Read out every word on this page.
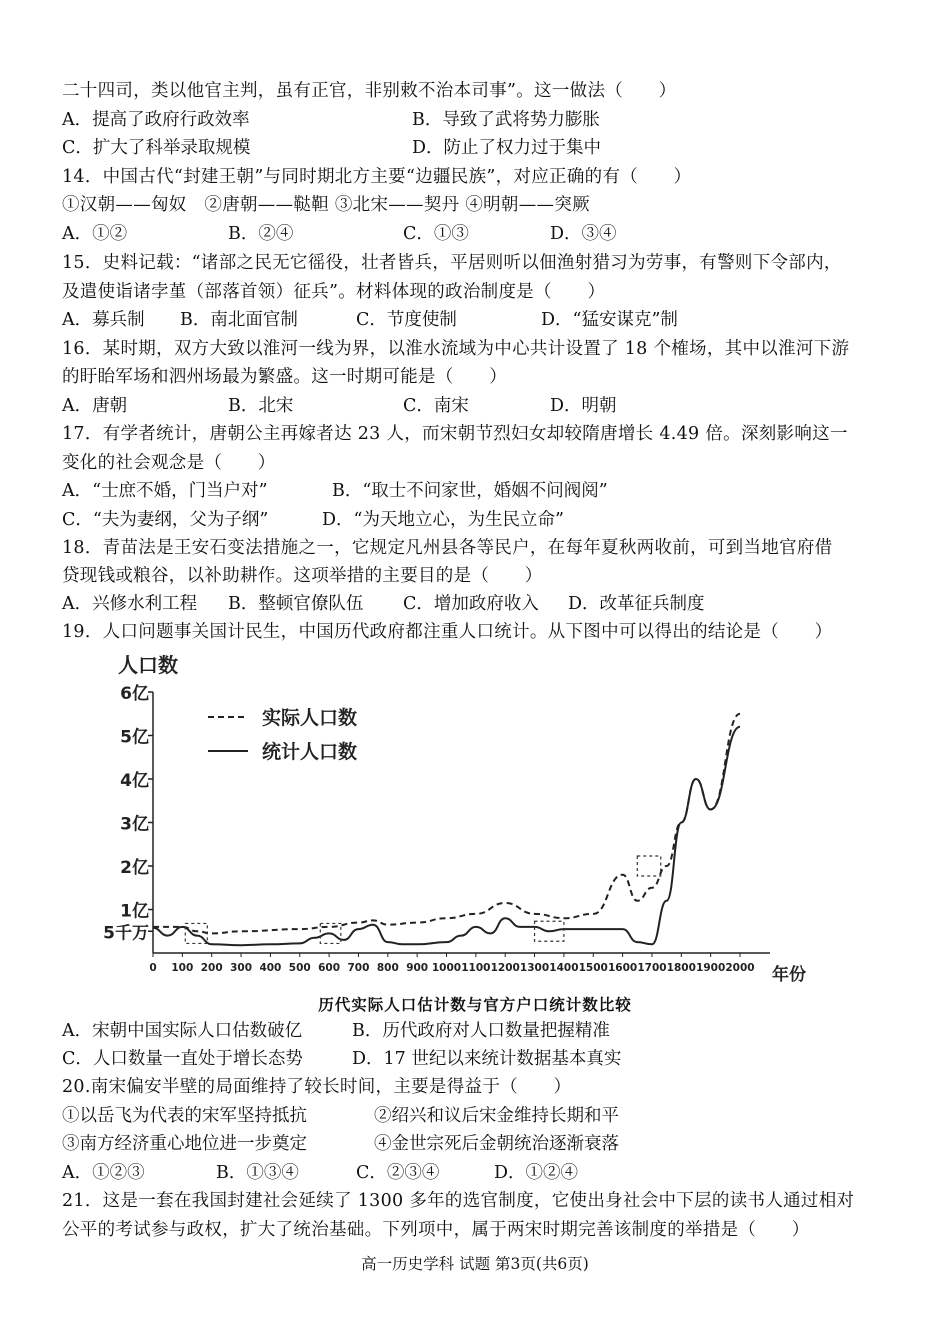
二十四司，类以他官主判，虽有正官，非别敕不治本司事”。这一做法（　　）
A．提高了政府行政效率	B．导致了武将势力膨胀
C．扩大了科举录取规模	D．防止了权力过于集中
14．中国古代“封建王朝”与同时期北方主要“边疆民族”，对应正确的有（　　）
①汉朝——匈奴　②唐朝——鞑靼 ③北宋——契丹 ④明朝——突厥
A．①②	B．②④	C．①③	D．③④
15．史料记载：“诸部之民无它徭役，壮者皆兵，平居则听以佃渔射猎习为劳事，有警则下令部内，
及遣使诣诸孛堇（部落首领）征兵”。材料体现的政治制度是（　　）
A．募兵制 B．南北面官制	C．节度使制	D．“猛安谋克”制
16．某时期，双方大致以淮河一线为界，以淮水流域为中心共计设置了 18 个榷场，其中以淮河下游
的盱眙军场和泗州场最为繁盛。这一时期可能是（　　）
A．唐朝	B．北宋	C．南宋	D．明朝
17．有学者统计，唐朝公主再嫁者达 23 人，而宋朝节烈妇女却较隋唐增长 4.49 倍。深刻影响这一
变化的社会观念是（　　）
A．“士庶不婚，门当户对”	B．“取士不问家世，婚姻不问阀阅”
C．“夫为妻纲，父为子纲”	D．“为天地立心，为生民立命”
18．青苗法是王安石变法措施之一，它规定凡州县各等民户，在每年夏秋两收前，可到当地官府借
贷现钱或粮谷，以补助耕作。这项举措的主要目的是（　　）
A．兴修水利工程 B．整顿官僚队伍 C．增加政府收入 D．改革征兵制度
19．人口问题事关国计民生，中国历代政府都注重人口统计。从下图中可以得出的结论是（　　）
人口数
年份
5千万
1亿
2亿
3亿
4亿
5亿
6亿
0 100 200 300 400 500 600 700 800 900 1000 1100 1200 1300 1400 1500 1600 1700 1800 1900 2000
实际人口数
统计人口数
历代实际人口估计数与官方户口统计数比较
A．宋朝中国实际人口估数破亿	B．历代政府对人口数量把握精准
C．人口数量一直处于增长态势	D．17 世纪以来统计数据基本真实
20.南宋偏安半壁的局面维持了较长时间，主要是得益于（　　）
①以岳飞为代表的宋军坚持抵抗	②绍兴和议后宋金维持长期和平
③南方经济重心地位进一步奠定	④金世宗死后金朝统治逐渐衰落
A．①②③	B．①③④	C．②③④	D．①②④
21．这是一套在我国封建社会延续了 1300 多年的选官制度，它使出身社会中下层的读书人通过相对
公平的考试参与政权，扩大了统治基础。下列项中，属于两宋时期完善该制度的举措是（　　）
高一历史学科 试题 第3页(共6页)
